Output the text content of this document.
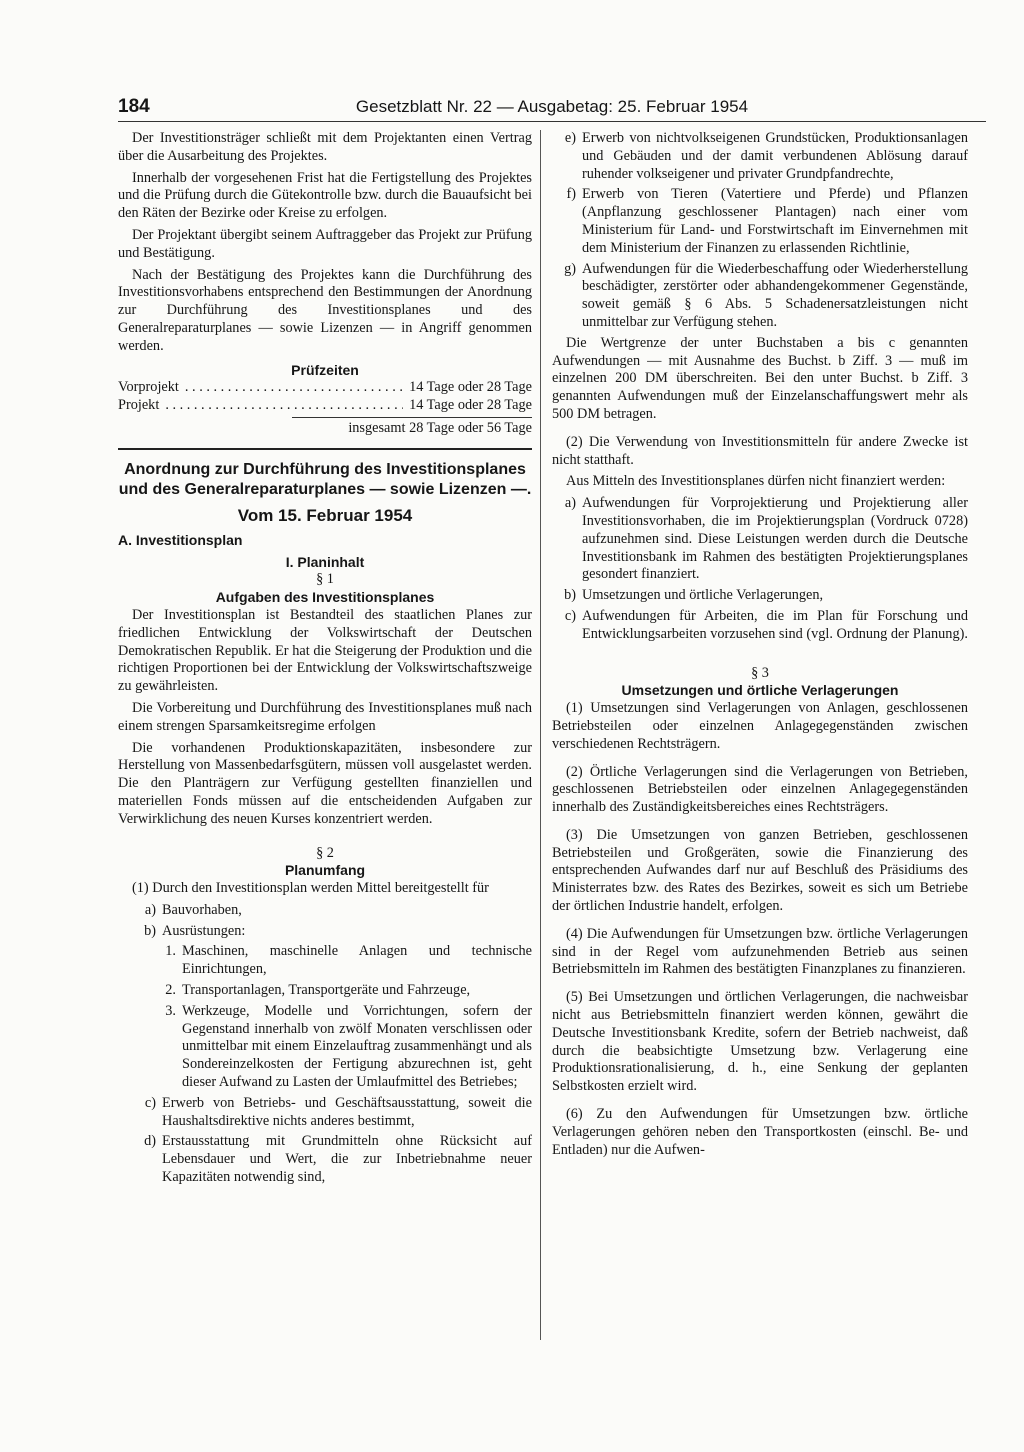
184	Gesetzblatt Nr. 22 — Ausgabetag: 25. Februar 1954

Der Investitionsträger schließt mit dem Projektanten einen Vertrag über die Ausarbeitung des Projektes.

Innerhalb der vorgesehenen Frist hat die Fertigstellung des Projektes und die Prüfung durch die Gütekontrolle bzw. durch die Bauaufsicht bei den Räten der Bezirke oder Kreise zu erfolgen.

Der Projektant übergibt seinem Auftraggeber das Projekt zur Prüfung und Bestätigung.

Nach der Bestätigung des Projektes kann die Durchführung des Investitionsvorhabens entsprechend den Bestimmungen der Anordnung zur Durchführung des Investitionsplanes und des Generalreparaturplanes — sowie Lizenzen — in Angriff genommen werden.

Prüfzeiten

Vorprojekt . . .	14 Tage oder 28 Tage
Projekt . . .	14 Tage oder 28 Tage

insgesamt 28 Tage oder 56 Tage

Anordnung zur Durchführung des Investitionsplanes und des Generalreparaturplanes — sowie Lizenzen —.

Vom 15. Februar 1954

A. Investitionsplan

I. Planinhalt

§ 1

Aufgaben des Investitionsplanes

Der Investitionsplan ist Bestandteil des staatlichen Planes zur friedlichen Entwicklung der Volkswirtschaft der Deutschen Demokratischen Republik. Er hat die Steigerung der Produktion und die richtigen Proportionen bei der Entwicklung der Volkswirtschaftszweige zu gewährleisten.

Die Vorbereitung und Durchführung des Investitionsplanes muß nach einem strengen Sparsamkeitsregime erfolgen

Die vorhandenen Produktionskapazitäten, insbesondere zur Herstellung von Massenbedarfsgütern, müssen voll ausgelastet werden. Die den Planträgern zur Verfügung gestellten finanziellen und materiellen Fonds müssen auf die entscheidenden Aufgaben zur Verwirklichung des neuen Kurses konzentriert werden.

§ 2

Planumfang

(1) Durch den Investitionsplan werden Mittel bereitgestellt für

a) Bauvorhaben,
b) Ausrüstungen:
1. Maschinen, maschinelle Anlagen und technische Einrichtungen,
2. Transportanlagen, Transportgeräte und Fahrzeuge,
3. Werkzeuge, Modelle und Vorrichtungen, sofern der Gegenstand innerhalb von zwölf Monaten verschlissen oder unmittelbar mit einem Einzelauftrag zusammenhängt und als Sondereinzelkosten der Fertigung abzurechnen ist, geht dieser Aufwand zu Lasten der Umlaufmittel des Betriebes;
c) Erwerb von Betriebs- und Geschäftsausstattung, soweit die Haushaltsdirektive nichts anderes bestimmt,
d) Erstausstattung mit Grundmitteln ohne Rücksicht auf Lebensdauer und Wert, die zur Inbetriebnahme neuer Kapazitäten notwendig sind,
e) Erwerb von nichtvolkseigenen Grundstücken, Produktionsanlagen und Gebäuden und der damit verbundenen Ablösung darauf ruhender volkseigener und privater Grundpfandrechte,
f) Erwerb von Tieren (Vatertiere und Pferde) und Pflanzen (Anpflanzung geschlossener Plantagen) nach einer vom Ministerium für Land- und Forstwirtschaft im Einvernehmen mit dem Ministerium der Finanzen zu erlassenden Richtlinie,
g) Aufwendungen für die Wiederbeschaffung oder Wiederherstellung beschädigter, zerstörter oder abhandengekommener Gegenstände, soweit gemäß § 6 Abs. 5 Schadenersatzleistungen nicht unmittelbar zur Verfügung stehen.

Die Wertgrenze der unter Buchstaben a bis c genannten Aufwendungen — mit Ausnahme des Buchst. b Ziff. 3 — muß im einzelnen 200 DM überschreiten. Bei den unter Buchst. b Ziff. 3 genannten Aufwendungen muß der Einzelanschaffungswert mehr als 500 DM betragen.

(2) Die Verwendung von Investitionsmitteln für andere Zwecke ist nicht statthaft.

Aus Mitteln des Investitionsplanes dürfen nicht finanziert werden:

a) Aufwendungen für Vorprojektierung und Projektierung aller Investitionsvorhaben, die im Projektierungsplan (Vordruck 0728) aufzunehmen sind. Diese Leistungen werden durch die Deutsche Investitionsbank im Rahmen des bestätigten Projektierungsplanes gesondert finanziert.
b) Umsetzungen und örtliche Verlagerungen,
c) Aufwendungen für Arbeiten, die im Plan für Forschung und Entwicklungsarbeiten vorzusehen sind (vgl. Ordnung der Planung).

§ 3

Umsetzungen und örtliche Verlagerungen

(1) Umsetzungen sind Verlagerungen von Anlagen, geschlossenen Betriebsteilen oder einzelnen Anlagegegenständen zwischen verschiedenen Rechtsträgern.

(2) Örtliche Verlagerungen sind die Verlagerungen von Betrieben, geschlossenen Betriebsteilen oder einzelnen Anlagegegenständen innerhalb des Zuständigkeitsbereiches eines Rechtsträgers.

(3) Die Umsetzungen von ganzen Betrieben, geschlossenen Betriebsteilen und Großgeräten, sowie die Finanzierung des entsprechenden Aufwandes darf nur auf Beschluß des Präsidiums des Ministerrates bzw. des Rates des Bezirkes, soweit es sich um Betriebe der örtlichen Industrie handelt, erfolgen.

(4) Die Aufwendungen für Umsetzungen bzw. örtliche Verlagerungen sind in der Regel vom aufzunehmenden Betrieb aus seinen Betriebsmitteln im Rahmen des bestätigten Finanzplanes zu finanzieren.

(5) Bei Umsetzungen und örtlichen Verlagerungen, die nachweisbar nicht aus Betriebsmitteln finanziert werden können, gewährt die Deutsche Investitionsbank Kredite, sofern der Betrieb nachweist, daß durch die beabsichtigte Umsetzung bzw. Verlagerung eine Produktionsrationalisierung, d. h., eine Senkung der geplanten Selbstkosten erzielt wird.

(6) Zu den Aufwendungen für Umsetzungen bzw. örtliche Verlagerungen gehören neben den Transportkosten (einschl. Be- und Entladen) nur die Aufwen-
